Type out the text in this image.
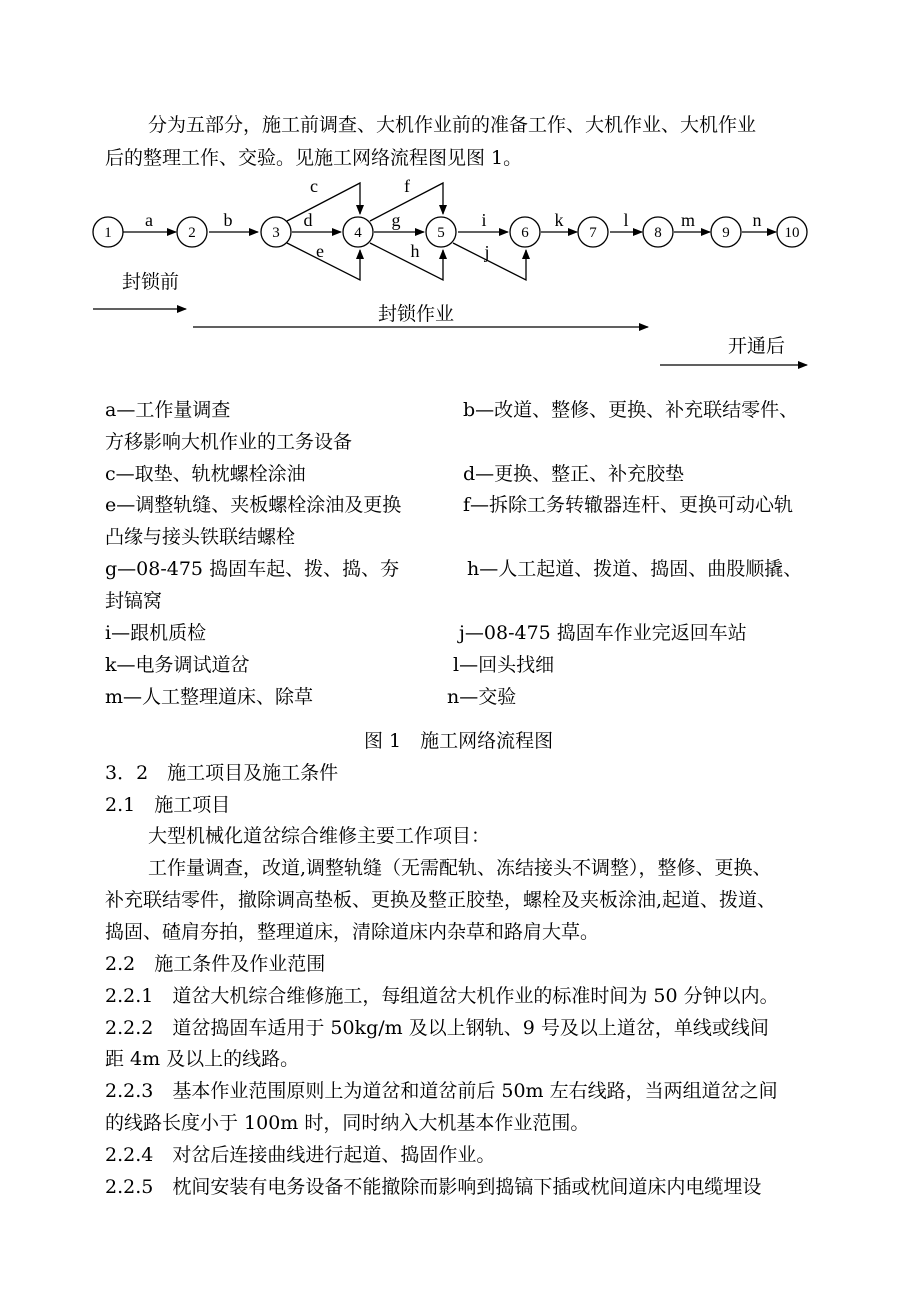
分为五部分，施工前调查、大机作业前的准备工作、大机作业、大机作业
后的整理工作、交验。见施工网络流程图见图 1。
1	2	3	4	5	6	7	8	9	10
a	b
c
d
e
f
g
h
i
j
k	l	m	n
封锁前
封锁作业
开通后
a—工作量调查	b—改道、整修、更换、补充联结零件、
方移影响大机作业的工务设备
c—取垫、轨枕螺栓涂油	d—更换、整正、补充胶垫
e—调整轨缝、夹板螺栓涂油及更换	f—拆除工务转辙器连杆、更换可动心轨
凸缘与接头铁联结螺栓
g—08-475 捣固车起、拨、捣、夯	h—人工起道、拨道、捣固、曲股顺撬、
封镐窝
i—跟机质检	j—08-475 捣固车作业完返回车站
k—电务调试道岔	l—回头找细
m—人工整理道床、除草	n—交验
图 1　施工网络流程图
3．2　施工项目及施工条件
2.1　施工项目
大型机械化道岔综合维修主要工作项目：
工作量调查，改道,调整轨缝（无需配轨、冻结接头不调整），整修、更换、
补充联结零件，撤除调高垫板、更换及整正胶垫，螺栓及夹板涂油,起道、拨道、
捣固、碴肩夯拍，整理道床，清除道床内杂草和路肩大草。
2.2　施工条件及作业范围
2.2.1　道岔大机综合维修施工，每组道岔大机作业的标准时间为 50 分钟以内。
2.2.2　道岔捣固车适用于 50kg/m 及以上钢轨、9 号及以上道岔，单线或线间
距 4m 及以上的线路。
2.2.3　基本作业范围原则上为道岔和道岔前后 50m 左右线路，当两组道岔之间
的线路长度小于 100m 时，同时纳入大机基本作业范围。
2.2.4　对岔后连接曲线进行起道、捣固作业。
2.2.5　枕间安装有电务设备不能撤除而影响到捣镐下插或枕间道床内电缆埋设
